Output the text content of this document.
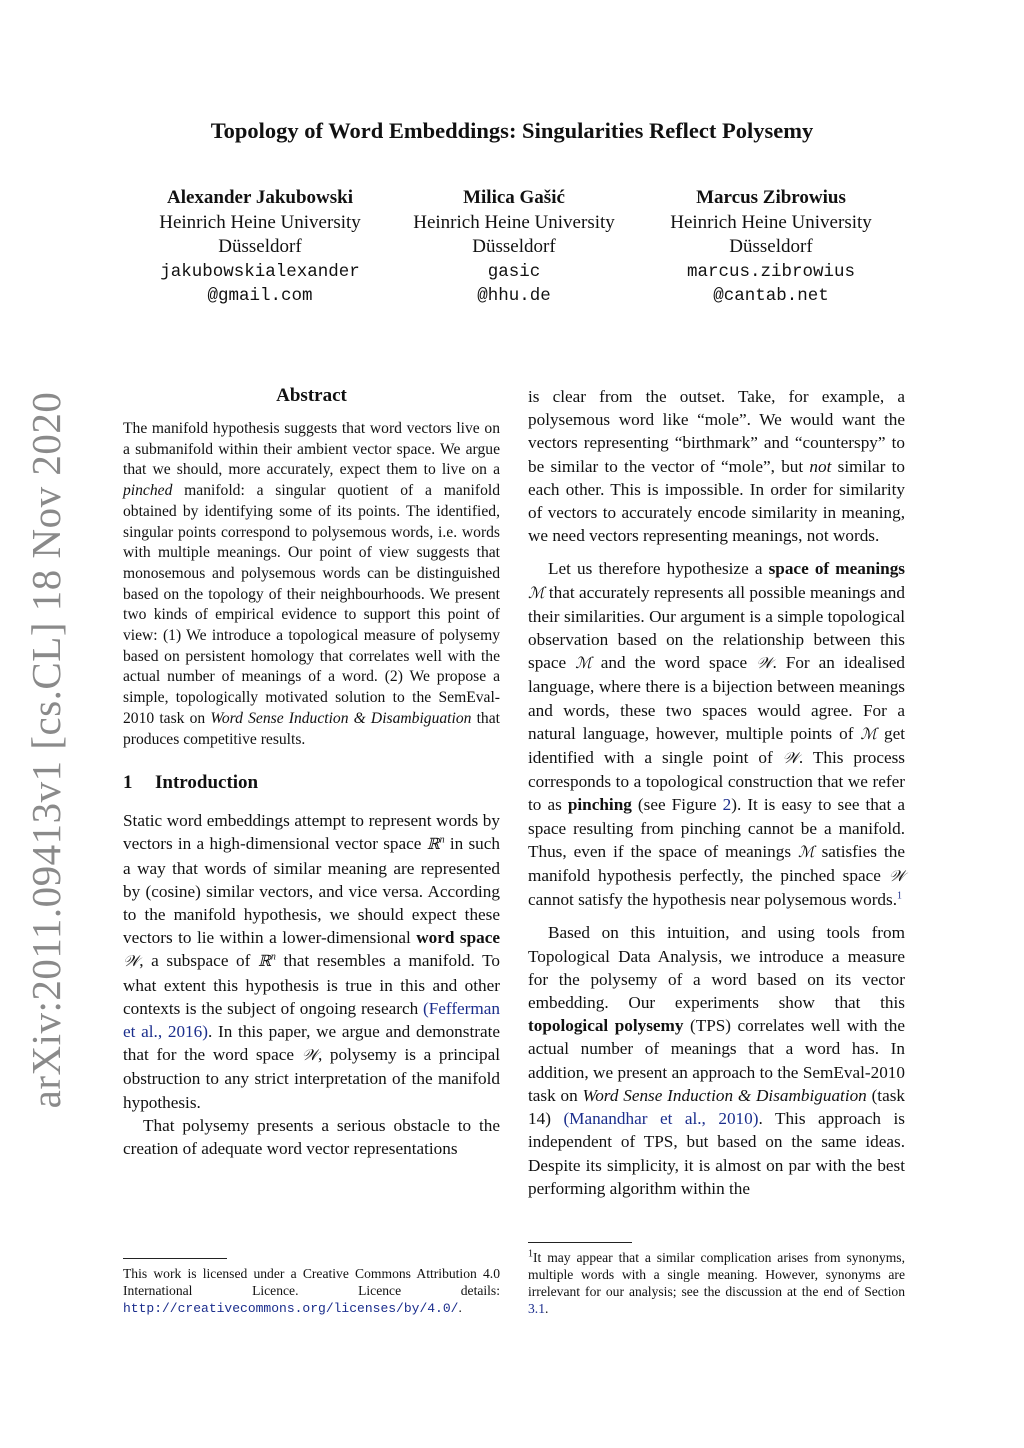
arXiv:2011.09413v1 [cs.CL] 18 Nov 2020
Topology of Word Embeddings: Singularities Reflect Polysemy
Alexander Jakubowski
Heinrich Heine University
Düsseldorf
jakubowskialexander
@gmail.com
Milica Gašić
Heinrich Heine University
Düsseldorf
gasic
@hhu.de
Marcus Zibrowius
Heinrich Heine University
Düsseldorf
marcus.zibrowius
@cantab.net
Abstract

The manifold hypothesis suggests that word vectors live on a submanifold within their ambient vector space. We argue that we should, more accurately, expect them to live on a pinched manifold: a singular quotient of a manifold obtained by identifying some of its points. The identified, singular points correspond to polysemous words, i.e. words with multiple meanings. Our point of view suggests that monosemous and polysemous words can be distinguished based on the topology of their neighbourhoods. We present two kinds of empirical evidence to support this point of view: (1) We introduce a topological measure of polysemy based on persistent homology that correlates well with the actual number of meanings of a word. (2) We propose a simple, topologically motivated solution to the SemEval-2010 task on Word Sense Induction & Disambiguation that produces competitive results.

1 Introduction

Static word embeddings attempt to represent words by vectors in a high-dimensional vector space ℝ$^n$ in such a way that words of similar meaning are represented by (cosine) similar vectors, and vice versa. According to the manifold hypothesis, we should expect these vectors to lie within a lower-dimensional word space 𝒲, a subspace of ℝ$^n$ that resembles a manifold. To what extent this hypothesis is true in this and other contexts is the subject of ongoing research (Fefferman et al., 2016). In this paper, we argue and demonstrate that for the word space 𝒲, polysemy is a principal obstruction to any strict interpretation of the manifold hypothesis.

That polysemy presents a serious obstacle to the creation of adequate word vector representations

is clear from the outset. Take, for example, a polysemous word like “mole”. We would want the vectors representing “birthmark” and “counterspy” to be similar to the vector of “mole”, but not similar to each other. This is impossible. In order for similarity of vectors to accurately encode similarity in meaning, we need vectors representing meanings, not words.

Let us therefore hypothesize a space of meanings ℳ that accurately represents all possible meanings and their similarities. Our argument is a simple topological observation based on the relationship between this space ℳ and the word space 𝒲. For an idealised language, where there is a bijection between meanings and words, these two spaces would agree. For a natural language, however, multiple points of ℳ get identified with a single point of 𝒲. This process corresponds to a topological construction that we refer to as pinching (see Figure 2). It is easy to see that a space resulting from pinching cannot be a manifold. Thus, even if the space of meanings ℳ satisfies the manifold hypothesis perfectly, the pinched space 𝒲 cannot satisfy the hypothesis near polysemous words.$^1$

Based on this intuition, and using tools from Topological Data Analysis, we introduce a measure for the polysemy of a word based on its vector embedding. Our experiments show that this topological polysemy (TPS) correlates well with the actual number of meanings that a word has. In addition, we present an approach to the SemEval-2010 task on Word Sense Induction & Disambiguation (task 14) (Manandhar et al., 2010). This approach is independent of TPS, but based on the same ideas. Despite its simplicity, it is almost on par with the best performing algorithm within the

This work is licensed under a Creative Commons Attribution 4.0 International Licence. Licence details: http://creativecommons.org/licenses/by/4.0/.

$^1$It may appear that a similar complication arises from synonyms, multiple words with a single meaning. However, synonyms are irrelevant for our analysis; see the discussion at the end of Section 3.1.
